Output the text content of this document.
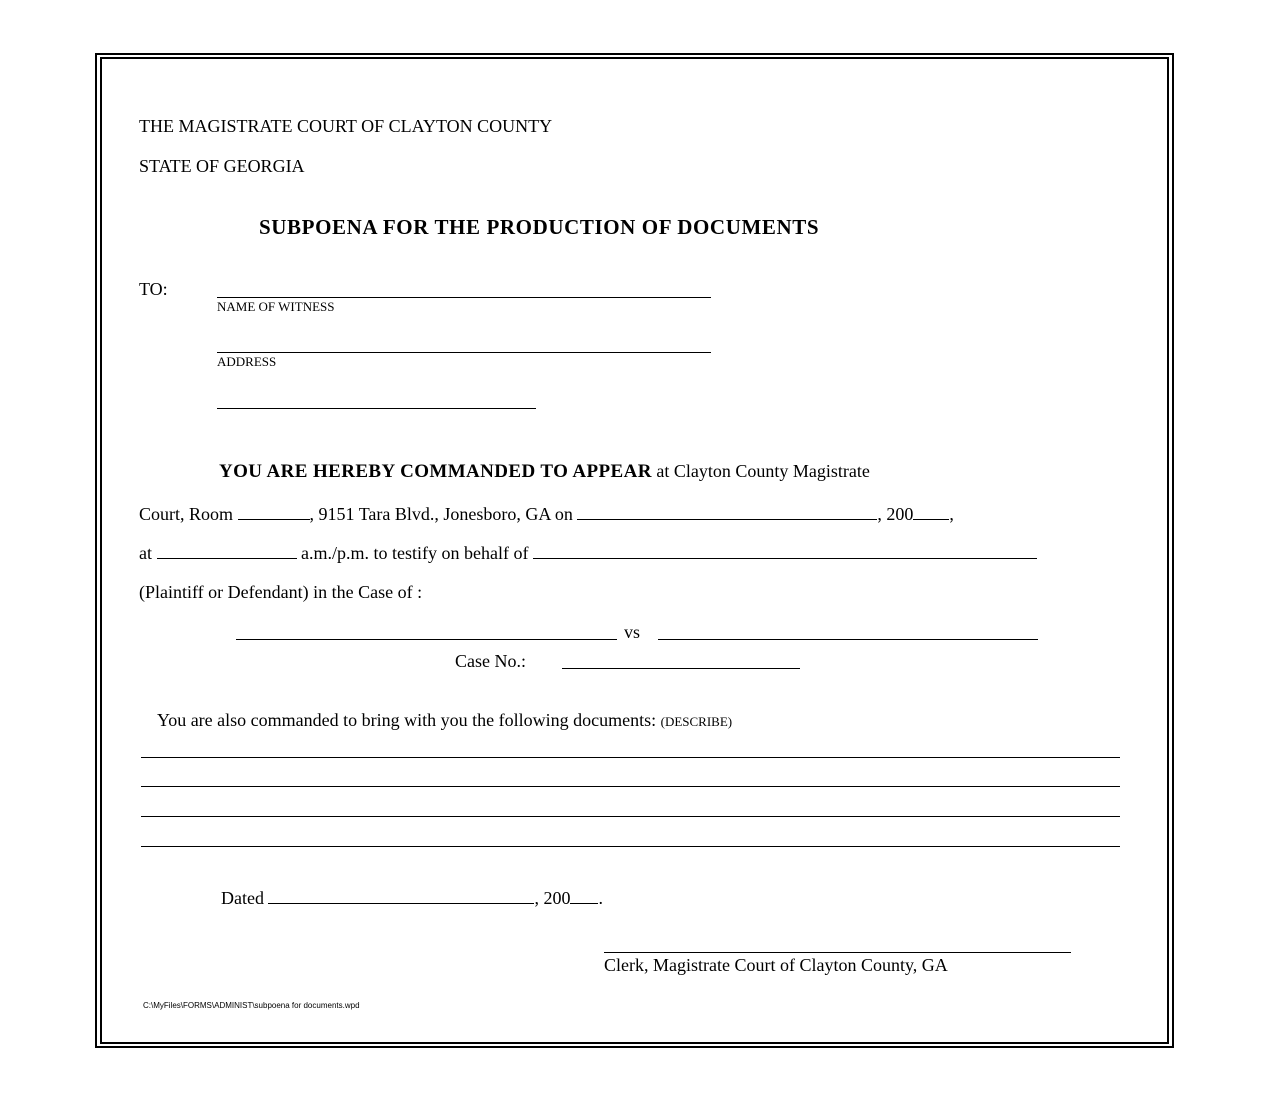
THE MAGISTRATE COURT OF CLAYTON COUNTY
STATE OF GEORGIA
SUBPOENA FOR THE PRODUCTION OF DOCUMENTS
TO:
NAME OF WITNESS
ADDRESS
YOU ARE HEREBY COMMANDED TO APPEAR at Clayton County Magistrate
Court, Room	, 9151 Tara Blvd., Jonesboro, GA on	, 200 ,
at	a.m./p.m. to testify on behalf of
(Plaintiff or Defendant) in the Case of :
vs
Case No.:
You are also commanded to bring with you the following documents: (DESCRIBE)
Dated	, 200 .
Clerk, Magistrate Court of Clayton County, GA
C:\MyFiles\FORMS\ADMINIST\subpoena for documents.wpd
